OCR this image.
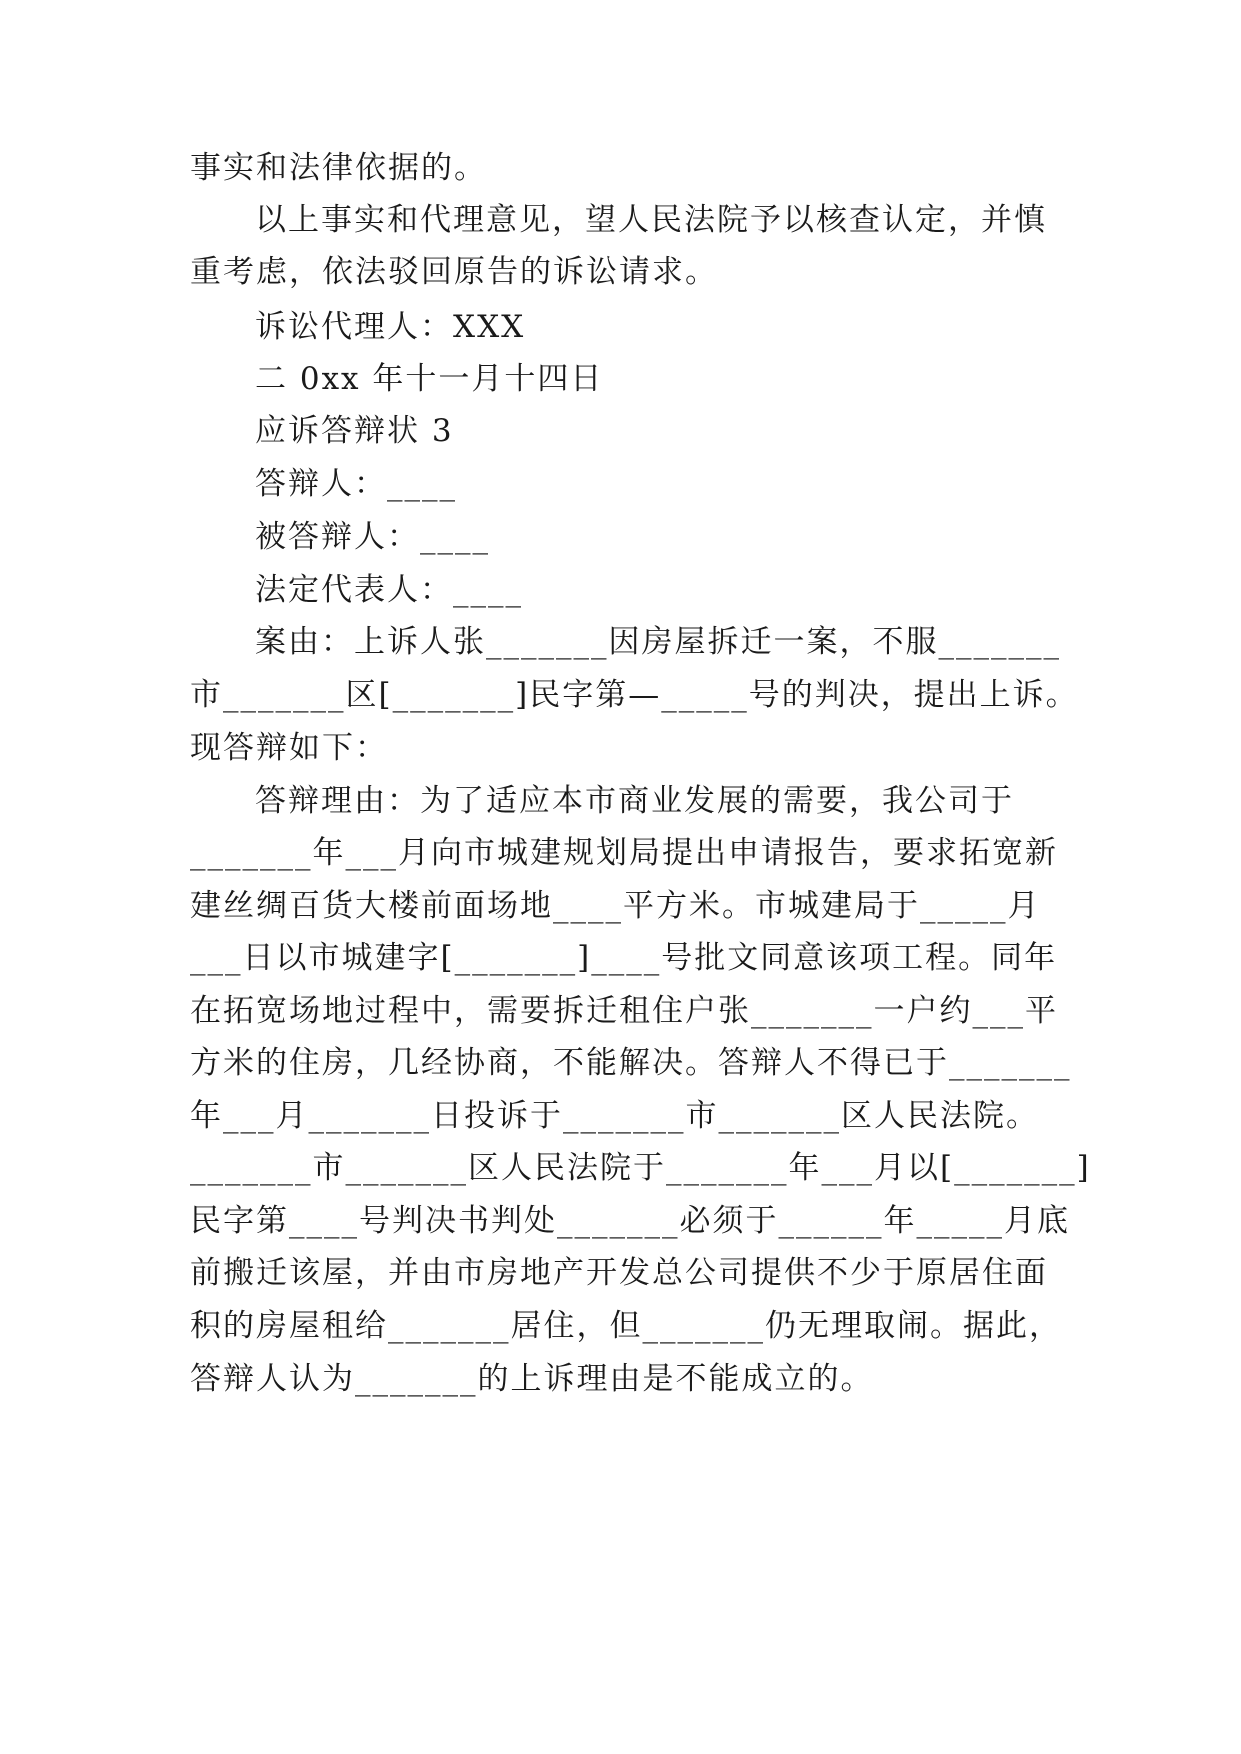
事实和法律依据的。
以上事实和代理意见，望人民法院予以核查认定，并慎
重考虑，依法驳回原告的诉讼请求。
诉讼代理人：XXX
二 0xx 年十一月十四日
应诉答辩状 3
答辩人：____
被答辩人：____
法定代表人：____
案由：上诉人张_______因房屋拆迁一案，不服_______
市_______区[_______]民字第—_____号的判决，提出上诉。
现答辩如下：
答辩理由：为了适应本市商业发展的需要，我公司于
_______年___月向市城建规划局提出申请报告，要求拓宽新
建丝绸百货大楼前面场地____平方米。市城建局于_____月
___日以市城建字[_______]____号批文同意该项工程。同年
在拓宽场地过程中，需要拆迁租住户张_______一户约___平
方米的住房，几经协商，不能解决。答辩人不得已于_______
年___月_______日投诉于_______市_______区人民法院。
_______市_______区人民法院于_______年___月以[_______]
民字第____号判决书判处_______必须于______年_____月底
前搬迁该屋，并由市房地产开发总公司提供不少于原居住面
积的房屋租给_______居住，但_______仍无理取闹。据此，
答辩人认为_______的上诉理由是不能成立的。
